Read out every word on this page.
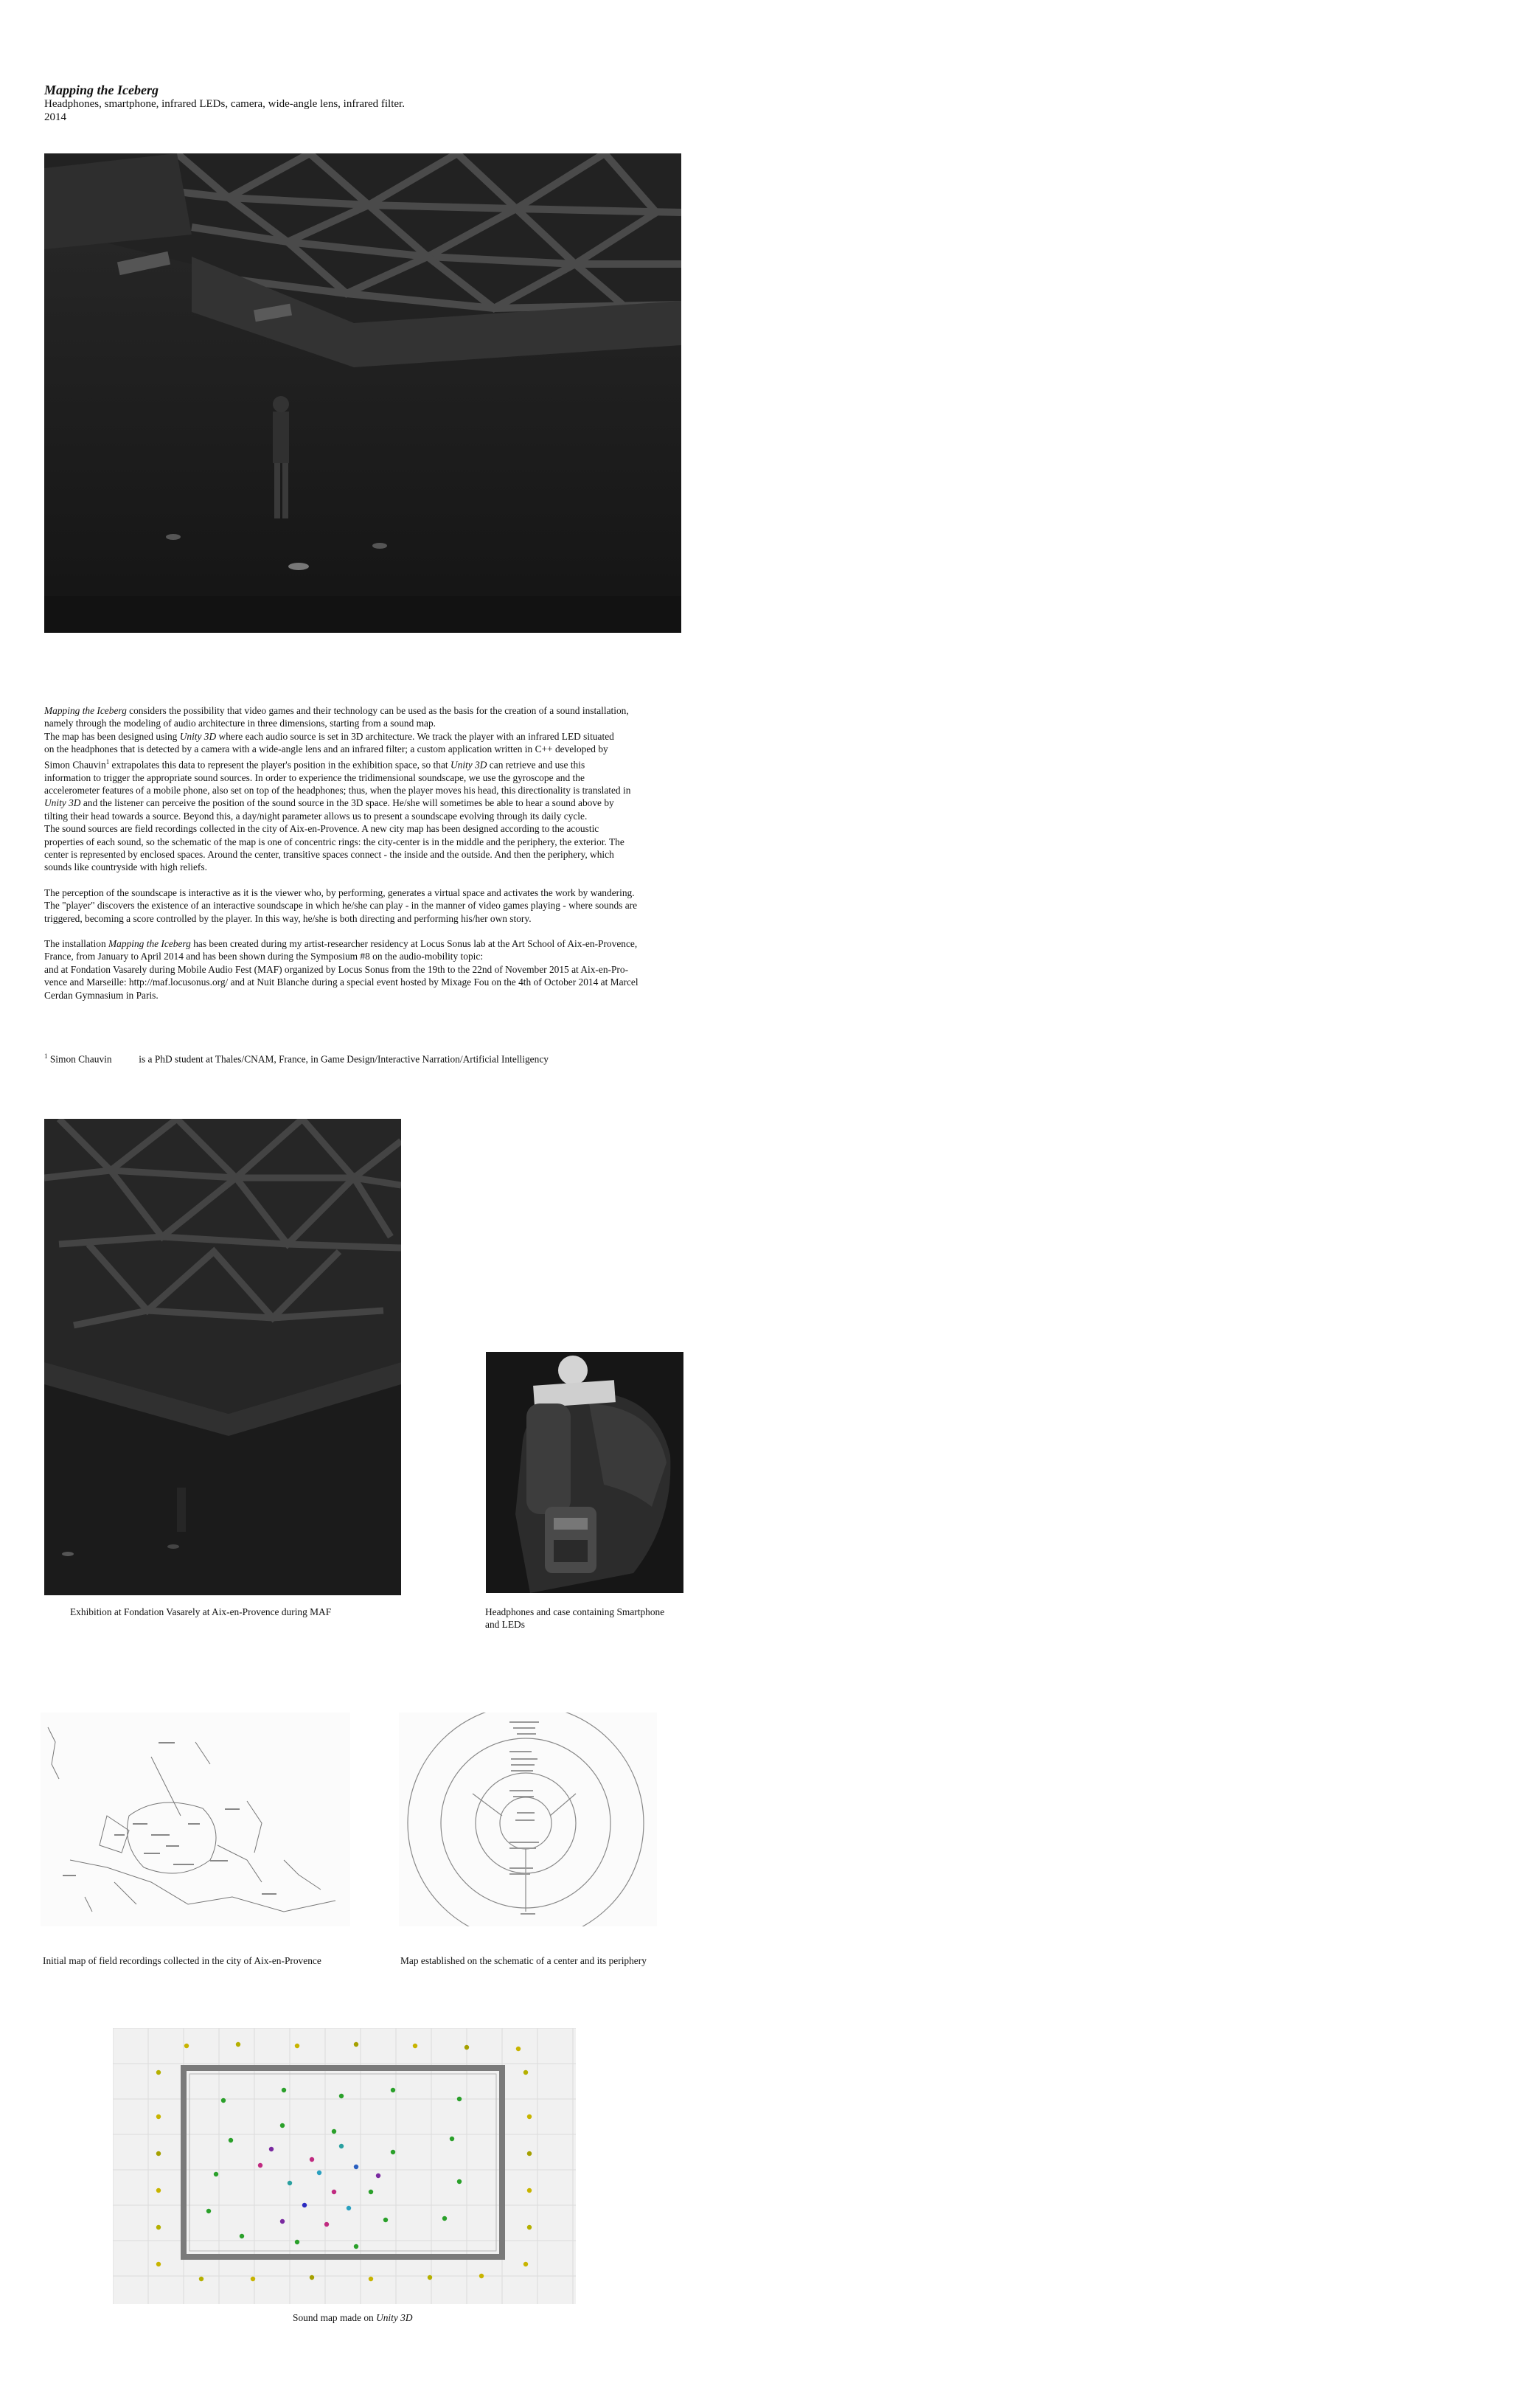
Mapping the Iceberg
Headphones, smartphone, infrared LEDs, camera, wide-angle lens, infrared filter.
2014

Mapping the Iceberg considers the possibility that video games and their technology can be used as the basis for the creation of a sound installation,
namely through the modeling of audio architecture in three dimensions, starting from a sound map.
The map has been designed using Unity 3D where each audio source is set in 3D architecture. We track the player with an infrared LED situated
on the headphones that is detected by a camera with a wide-angle lens and an infrared filter; a custom application written in C++ developed by
Simon Chauvin$^1$ extrapolates this data to represent the player's position in the exhibition space, so that Unity 3D can retrieve and use this
information to trigger the appropriate sound sources. In order to experience the tridimensional soundscape, we use the gyroscope and the
accelerometer features of a mobile phone, also set on top of the headphones; thus, when the player moves his head, this directionality is translated in
Unity 3D and the listener can perceive the position of the sound source in the 3D space. He/she will sometimes be able to hear a sound above by
tilting their head towards a source. Beyond this, a day/night parameter allows us to present a soundscape evolving through its daily cycle.
The sound sources are field recordings collected in the city of Aix-en-Provence. A new city map has been designed according to the acoustic
properties of each sound, so the schematic of the map is one of concentric rings: the city-center is in the middle and the periphery, the exterior. The
center is represented by enclosed spaces. Around the center, transitive spaces connect - the inside and the outside. And then the periphery, which
sounds like countryside with high reliefs.

The perception of the soundscape is interactive as it is the viewer who, by performing, generates a virtual space and activates the work by wandering.
The "player" discovers the existence of an interactive soundscape in which he/she can play - in the manner of video games playing - where sounds are
triggered, becoming a score controlled by the player. In this way, he/she is both directing and performing his/her own story.

The installation Mapping the Iceberg has been created during my artist-researcher residency at Locus Sonus lab at the Art School of Aix-en-Provence,
France, from January to April 2014 and has been shown during the Symposium #8 on the audio-mobility topic:
and at Fondation Vasarely during Mobile Audio Fest (MAF) organized by Locus Sonus from the 19th to the 22nd of November 2015 at Aix-en-Pro-
vence and Marseille: http://maf.locusonus.org/ and at Nuit Blanche during a special event hosted by Mixage Fou on the 4th of October 2014 at Marcel
Cerdan Gymnasium in Paris.

$^1$ Simon Chauvin	is a PhD student at Thales/CNAM, France, in Game Design/Interactive Narration/Artificial Intelligency
Exhibition at Fondation Vasarely at Aix-en-Provence during MAF	Headphones and case containing Smartphone
and LEDs
Initial map of field recordings collected in the city of Aix-en-Provence	Map established on the schematic of a center and its periphery
Sound map made on Unity 3D
